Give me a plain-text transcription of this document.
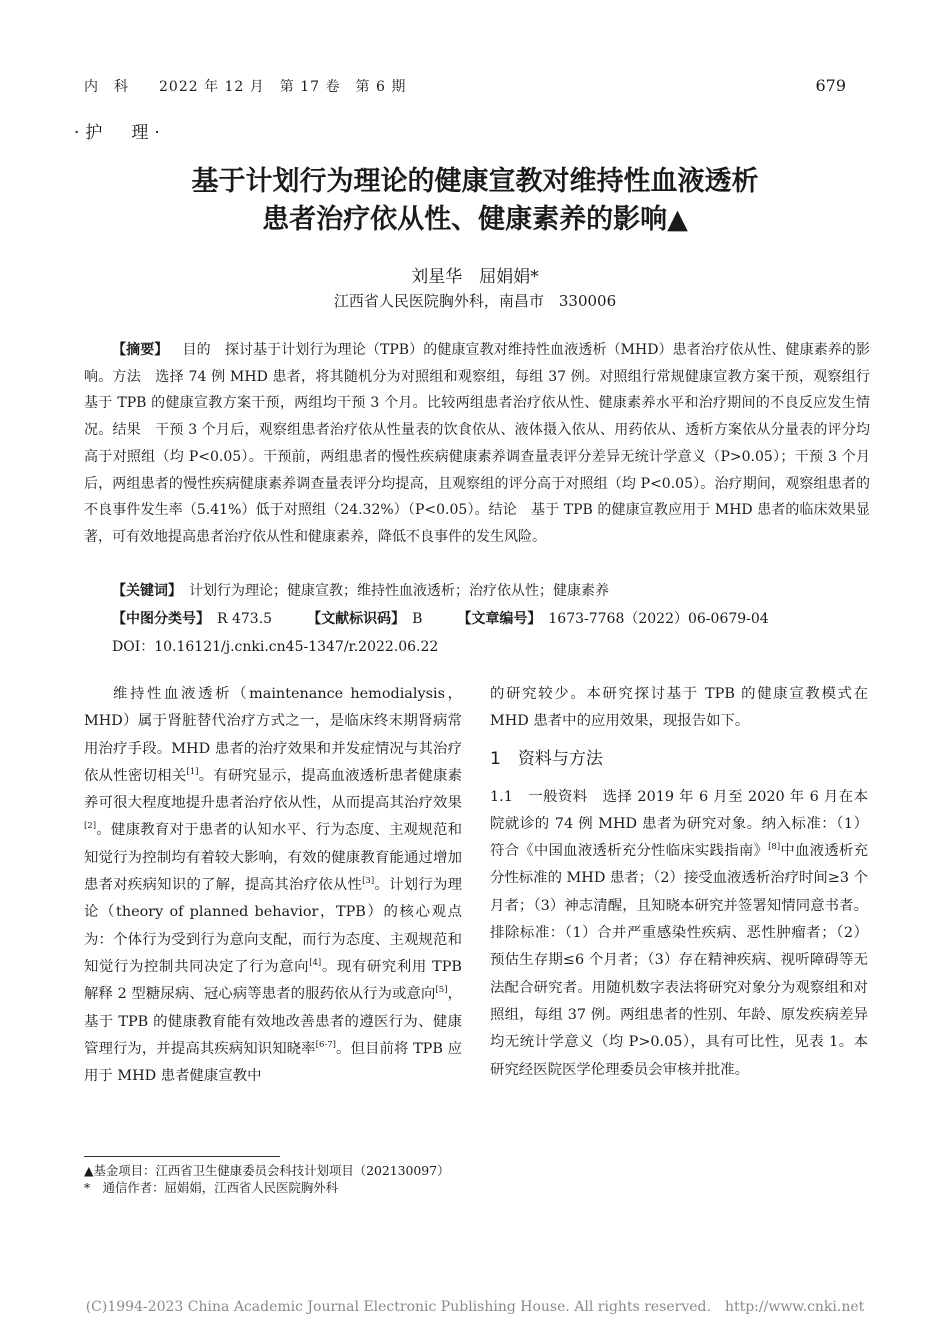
内　科　　2022 年 12 月　第 17 卷　第 6 期	679
·护　理·
基于计划行为理论的健康宣教对维持性血液透析
患者治疗依从性、健康素养的影响▲
刘星华　屈娟娟*
江西省人民医院胸外科，南昌市　330006

【摘要】  目的　探讨基于计划行为理论（TPB）的健康宣教对维持性血液透析（MHD）患者治疗依从性、健康素养的影响。方法　选择 74 例 MHD 患者，将其随机分为对照组和观察组，每组 37 例。对照组行常规健康宣教方案干预，观察组行基于 TPB 的健康宣教方案干预，两组均干预 3 个月。比较两组患者治疗依从性、健康素养水平和治疗期间的不良反应发生情况。结果　干预 3 个月后，观察组患者治疗依从性量表的饮食依从、液体摄入依从、用药依从、透析方案依从分量表的评分均高于对照组（均 P<0.05）。干预前，两组患者的慢性疾病健康素养调查量表评分差异无统计学意义（P>0.05）；干预 3 个月后，两组患者的慢性疾病健康素养调查量表评分均提高，且观察组的评分高于对照组（均 P<0.05）。治疗期间，观察组患者的不良事件发生率（5.41%）低于对照组（24.32%）（P<0.05）。结论　基于 TPB 的健康宣教应用于 MHD 患者的临床效果显著，可有效地提高患者治疗依从性和健康素养，降低不良事件的发生风险。

【关键词】  计划行为理论；健康宣教；维持性血液透析；治疗依从性；健康素养
【中图分类号】  R 473.5   	【文献标识码】  B   	【文章编号】  1673-7768（2022）06-0679-04
DOI：10.16121/j.cnki.cn45-1347/r.2022.06.22

维持性血液透析（maintenance hemodialysis，MHD）属于肾脏替代治疗方式之一，是临床终末期肾病常用治疗手段。MHD 患者的治疗效果和并发症情况与其治疗依从性密切相关[1]。有研究显示，提高血液透析患者健康素养可很大程度地提升患者治疗依从性，从而提高其治疗效果[2]。健康教育对于患者的认知水平、行为态度、主观规范和知觉行为控制均有着较大影响，有效的健康教育能通过增加患者对疾病知识的了解，提高其治疗依从性[3]。计划行为理论（theory of planned behavior，TPB）的核心观点为：个体行为受到行为意向支配，而行为态度、主观规范和知觉行为控制共同决定了行为意向[4]。现有研究利用 TPB 解释 2 型糖尿病、冠心病等患者的服药依从行为或意向[5]，基于 TPB 的健康教育能有效地改善患者的遵医行为、健康管理行为，并提高其疾病知识知晓率[6-7]。但目前将 TPB 应用于 MHD 患者健康宣教中

的研究较少。本研究探讨基于 TPB 的健康宣教模式在 MHD 患者中的应用效果，现报告如下。

1　资料与方法

1.1　一般资料　选择 2019 年 6 月至 2020 年 6 月在本院就诊的 74 例 MHD 患者为研究对象。纳入标准：（1）符合《中国血液透析充分性临床实践指南》[8]中血液透析充分性标准的 MHD 患者；（2）接受血液透析治疗时间≥3 个月者；（3）神志清醒，且知晓本研究并签署知情同意书者。排除标准：（1）合并严重感染性疾病、恶性肿瘤者；（2）预估生存期≤6 个月者；（3）存在精神疾病、视听障碍等无法配合研究者。用随机数字表法将研究对象分为观察组和对照组，每组 37 例。两组患者的性别、年龄、原发疾病差异均无统计学意义（均 P>0.05），具有可比性，见表 1。本研究经医院医学伦理委员会审核并批准。

▲基金项目：江西省卫生健康委员会科技计划项目（202130097）

*　通信作者：屈娟娟，江西省人民医院胸外科

(C)1994-2023 China Academic Journal Electronic Publishing House. All rights reserved.　http://www.cnki.net
